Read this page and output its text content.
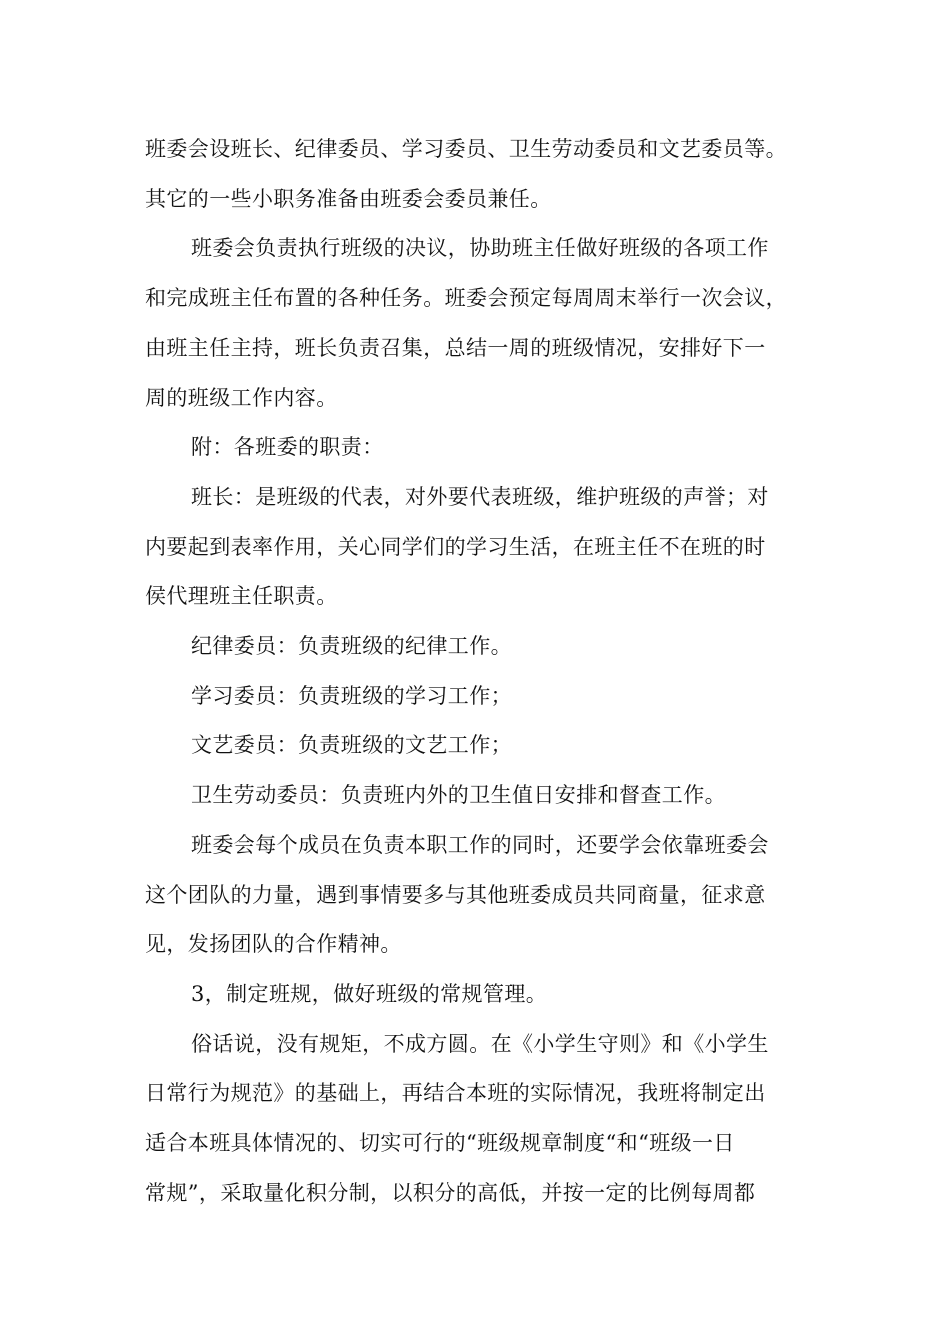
班委会设班长、纪律委员、学习委员、卫生劳动委员和文艺委员等。
其它的一些小职务准备由班委会委员兼任。

班委会负责执行班级的决议，协助班主任做好班级的各项工作
和完成班主任布置的各种任务。班委会预定每周周末举行一次会议，
由班主任主持，班长负责召集，总结一周的班级情况，安排好下一
周的班级工作内容。

附：各班委的职责：

班长：是班级的代表，对外要代表班级，维护班级的声誉；对
内要起到表率作用，关心同学们的学习生活，在班主任不在班的时
侯代理班主任职责。

纪律委员：负责班级的纪律工作。

学习委员：负责班级的学习工作；

文艺委员：负责班级的文艺工作；

卫生劳动委员：负责班内外的卫生值日安排和督查工作。

班委会每个成员在负责本职工作的同时，还要学会依靠班委会
这个团队的力量，遇到事情要多与其他班委成员共同商量，征求意
见，发扬团队的合作精神。

3，制定班规，做好班级的常规管理。

俗话说，没有规矩，不成方圆。在《小学生守则》和《小学生
日常行为规范》的基础上，再结合本班的实际情况，我班将制定出
适合本班具体情况的、切实可行的“班级规章制度“和“班级一日
常规”，采取量化积分制，以积分的高低，并按一定的比例每周都
